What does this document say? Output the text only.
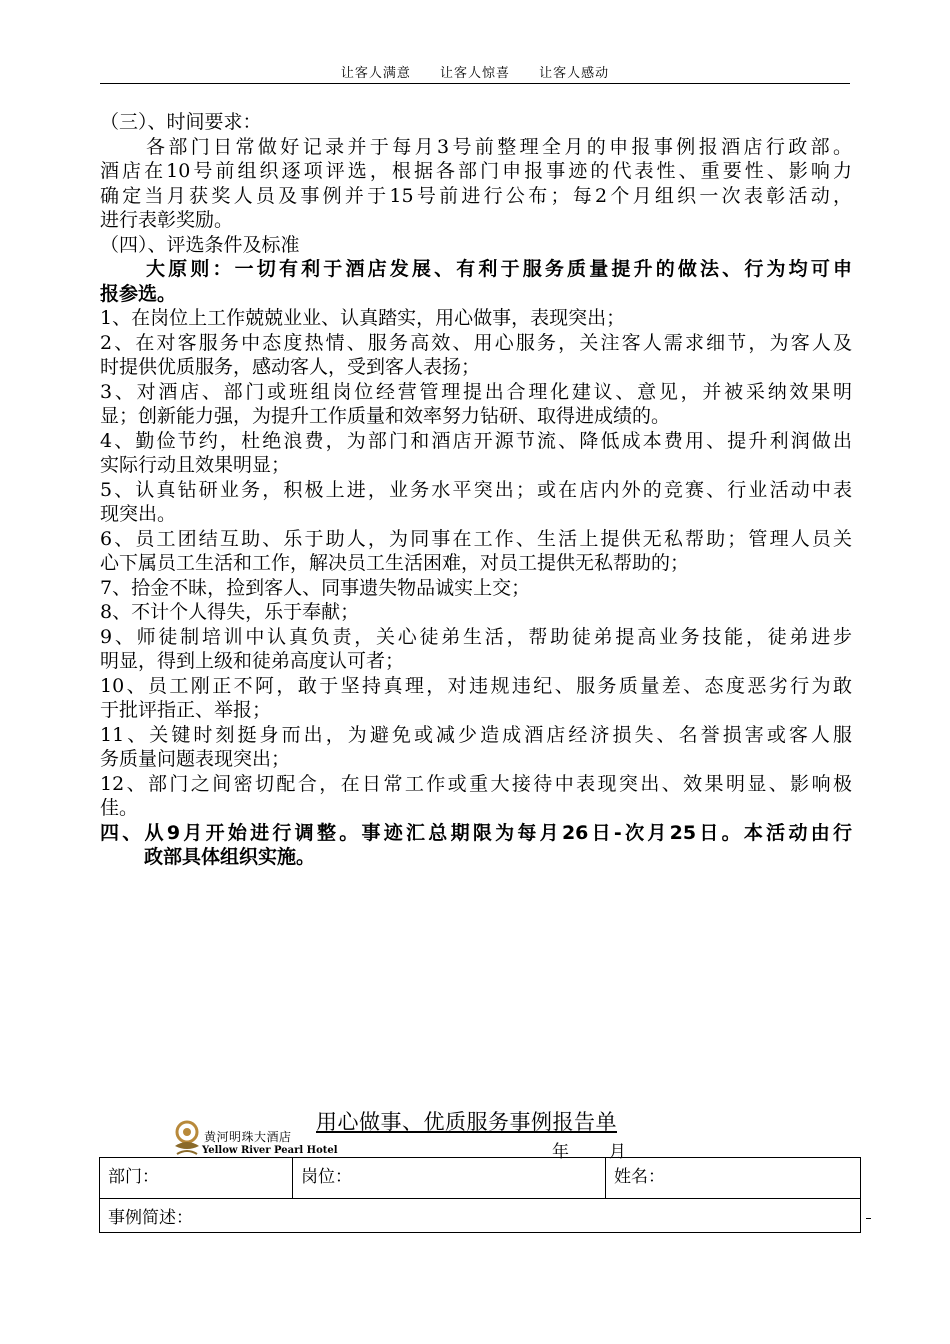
让客人满意 让客人惊喜 让客人感动
（三）、时间要求：
各部门日常做好记录并于每月3号前整理全月的申报事例报酒店行政部。
酒店在10号前组织逐项评选，根据各部门申报事迹的代表性、重要性、影响力
确定当月获奖人员及事例并于15号前进行公布；每2个月组织一次表彰活动，
进行表彰奖励。
（四）、评选条件及标准
大原则：一切有利于酒店发展、有利于服务质量提升的做法、行为均可申
报参选。
1、在岗位上工作兢兢业业、认真踏实，用心做事，表现突出；
2、在对客服务中态度热情、服务高效、用心服务，关注客人需求细节，为客人及
时提供优质服务，感动客人，受到客人表扬；
3、对酒店、部门或班组岗位经营管理提出合理化建议、意见，并被采纳效果明
显；创新能力强，为提升工作质量和效率努力钻研、取得进成绩的。
4、勤俭节约，杜绝浪费，为部门和酒店开源节流、降低成本费用、提升利润做出
实际行动且效果明显；
5、认真钻研业务，积极上进，业务水平突出；或在店内外的竞赛、行业活动中表
现突出。
6、员工团结互助、乐于助人，为同事在工作、生活上提供无私帮助；管理人员关
心下属员工生活和工作，解决员工生活困难，对员工提供无私帮助的；
7、拾金不昧，捡到客人、同事遗失物品诚实上交；
8、不计个人得失，乐于奉献；
9、师徒制培训中认真负责，关心徒弟生活，帮助徒弟提高业务技能，徒弟进步
明显，得到上级和徒弟高度认可者；
10、员工刚正不阿，敢于坚持真理，对违规违纪、服务质量差、态度恶劣行为敢
于批评指正、举报；
11、关键时刻挺身而出，为避免或减少造成酒店经济损失、名誉损害或客人服
务质量问题表现突出；
12、部门之间密切配合，在日常工作或重大接待中表现突出、效果明显、影响极
佳。
四、从9月开始进行调整。事迹汇总期限为每月26日-次月25日。本活动由行
政部具体组织实施。
黄河明珠大酒店
Yellow River Pearl Hotel
用心做事、优质服务事例报告单
年 月
部门：	岗位：	姓名：
事例简述：
